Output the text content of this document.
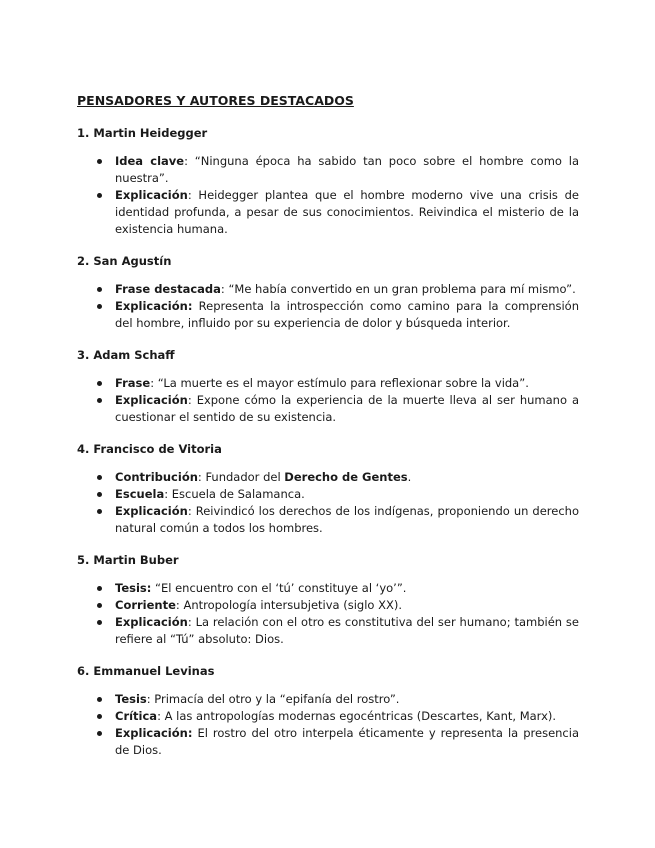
PENSADORES Y AUTORES DESTACADOS
1. Martin Heidegger
Idea clave: “Ninguna época ha sabido tan poco sobre el hombre como la nuestra”.
Explicación: Heidegger plantea que el hombre moderno vive una crisis de identidad profunda, a pesar de sus conocimientos. Reivindica el misterio de la existencia humana.
2. San Agustín
Frase destacada: “Me había convertido en un gran problema para mí mismo”.
Explicación: Representa la introspección como camino para la comprensión del hombre, influido por su experiencia de dolor y búsqueda interior.
3. Adam Schaff
Frase: “La muerte es el mayor estímulo para reflexionar sobre la vida”.
Explicación: Expone cómo la experiencia de la muerte lleva al ser humano a cuestionar el sentido de su existencia.
4. Francisco de Vitoria
Contribución: Fundador del Derecho de Gentes.
Escuela: Escuela de Salamanca.
Explicación: Reivindicó los derechos de los indígenas, proponiendo un derecho natural común a todos los hombres.
5. Martin Buber
Tesis: “El encuentro con el ‘tú’ constituye al ‘yo’”.
Corriente: Antropología intersubjetiva (siglo XX).
Explicación: La relación con el otro es constitutiva del ser humano; también se refiere al “Tú” absoluto: Dios.
6. Emmanuel Levinas
Tesis: Primacía del otro y la “epifanía del rostro”.
Crítica: A las antropologías modernas egocéntricas (Descartes, Kant, Marx).
Explicación: El rostro del otro interpela éticamente y representa la presencia de Dios.
